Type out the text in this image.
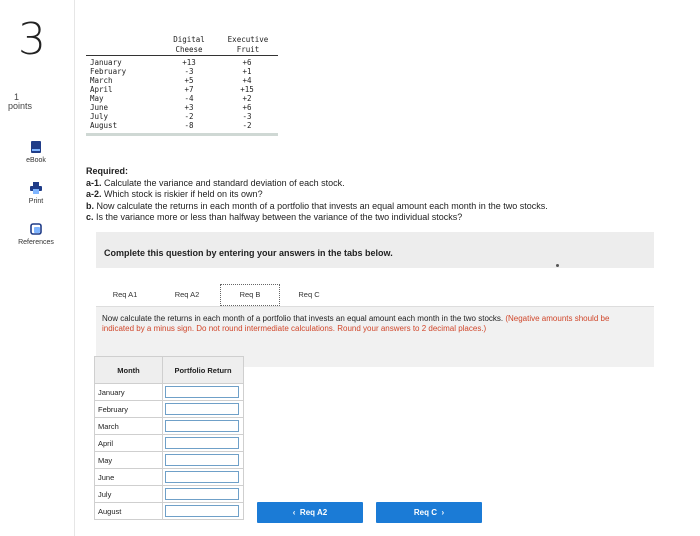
3
1
points
eBook
Print
References
Digital
Cheese
Executive
Fruit
January	+13	+6
February	-3	+1
March	+5	+4
April	+7	+15
May	-4	+2
June	+3	+6
July	-2	-3
August	-8	-2
Required:
a-1. Calculate the variance and standard deviation of each stock.
a-2. Which stock is riskier if held on its own?
b. Now calculate the returns in each month of a portfolio that invests an equal amount each month in the two stocks.
c. Is the variance more or less than halfway between the variance of the two individual stocks?
Complete this question by entering your answers in the tabs below.
Req A1	Req A2	Req B	Req C
Now calculate the returns in each month of a portfolio that invests an equal amount each month in the two stocks. (Negative amounts should be indicated by a minus sign. Do not round intermediate calculations. Round your answers to 2 decimal places.)
Month	Portfolio Return
January	

February	

March	

April	

May	

June	

July	

August		‹ Req A2	Req C ›
